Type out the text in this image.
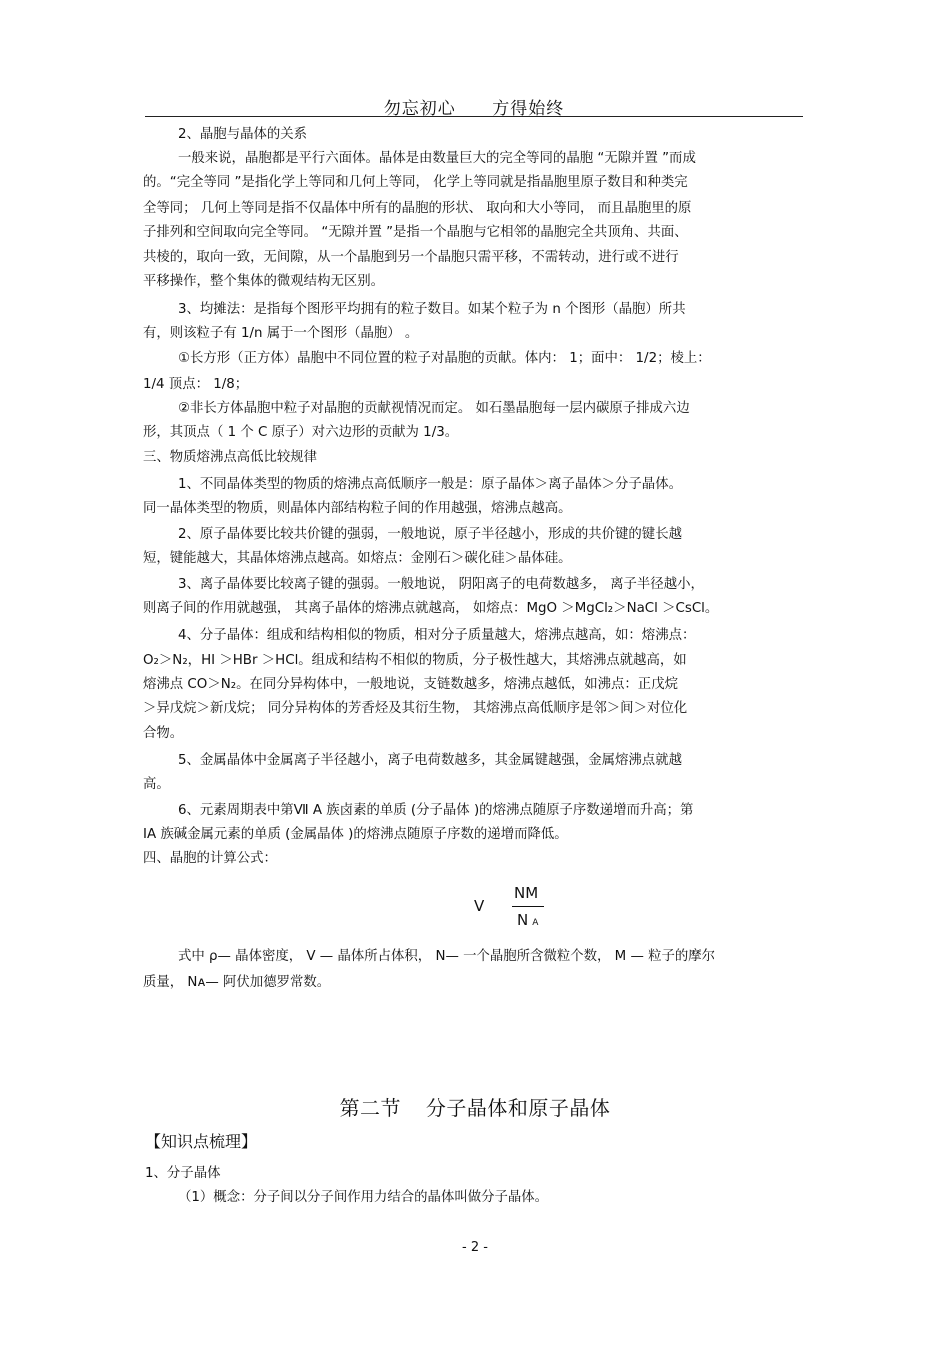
勿忘初心 方得始终
2、晶胞与晶体的关系
一般来说，晶胞都是平行六面体。晶体是由数量巨大的完全等同的晶胞 “无隙并置 ”而成
的。“完全等同 ”是指化学上等同和几何上等同， 化学上等同就是指晶胞里原子数目和种类完
全等同； 几何上等同是指不仅晶体中所有的晶胞的形状、 取向和大小等同， 而且晶胞里的原
子排列和空间取向完全等同。 “无隙并置 ”是指一个晶胞与它相邻的晶胞完全共顶角、共面、
共棱的，取向一致，无间隙，从一个晶胞到另一个晶胞只需平移，不需转动，进行或不进行
平移操作，整个集体的微观结构无区别。
3、均摊法：是指每个图形平均拥有的粒子数目。如某个粒子为 n 个图形（晶胞）所共
有，则该粒子有 1/n 属于一个图形（晶胞） 。
①长方形（正方体）晶胞中不同位置的粒子对晶胞的贡献。体内： 1；面中： 1/2；棱上：
1/4 顶点： 1/8；
②非长方体晶胞中粒子对晶胞的贡献视情况而定。 如石墨晶胞每一层内碳原子排成六边
形，其顶点（ 1 个 C 原子）对六边形的贡献为 1/3。
三、物质熔沸点高低比较规律
1、不同晶体类型的物质的熔沸点高低顺序一般是：原子晶体＞离子晶体＞分子晶体。
同一晶体类型的物质，则晶体内部结构粒子间的作用越强，熔沸点越高。
2、原子晶体要比较共价键的强弱，一般地说，原子半径越小，形成的共价键的键长越
短，键能越大，其晶体熔沸点越高。如熔点：金刚石＞碳化硅＞晶体硅。
3、离子晶体要比较离子键的强弱。一般地说， 阴阳离子的电荷数越多， 离子半径越小，
则离子间的作用就越强， 其离子晶体的熔沸点就越高， 如熔点：MgO ＞MgCl₂＞NaCl ＞CsCl。
4、分子晶体：组成和结构相似的物质，相对分子质量越大，熔沸点越高，如：熔沸点：
O₂＞N₂，HI ＞HBr ＞HCl。组成和结构不相似的物质，分子极性越大，其熔沸点就越高，如
熔沸点 CO＞N₂。在同分异构体中，一般地说，支链数越多，熔沸点越低，如沸点：正戊烷
＞异戊烷＞新戊烷； 同分异构体的芳香烃及其衍生物， 其熔沸点高低顺序是邻＞间＞对位化
合物。
5、金属晶体中金属离子半径越小，离子电荷数越多，其金属键越强，金属熔沸点就越
高。
6、元素周期表中第Ⅶ A 族卤素的单质 (分子晶体 )的熔沸点随原子序数递增而升高；第
ⅠA 族碱金属元素的单质 (金属晶体 )的熔沸点随原子序数的递增而降低。
四、晶胞的计算公式：
式中 ρ— 晶体密度， V — 晶体所占体积， N— 一个晶胞所含微粒个数， M — 粒子的摩尔
质量， Nᴀ— 阿伏加德罗常数。
V
NM
N A
第二节 分子晶体和原子晶体
【知识点梳理】
1、分子晶体
（1）概念：分子间以分子间作用力结合的晶体叫做分子晶体。
- 2 -
